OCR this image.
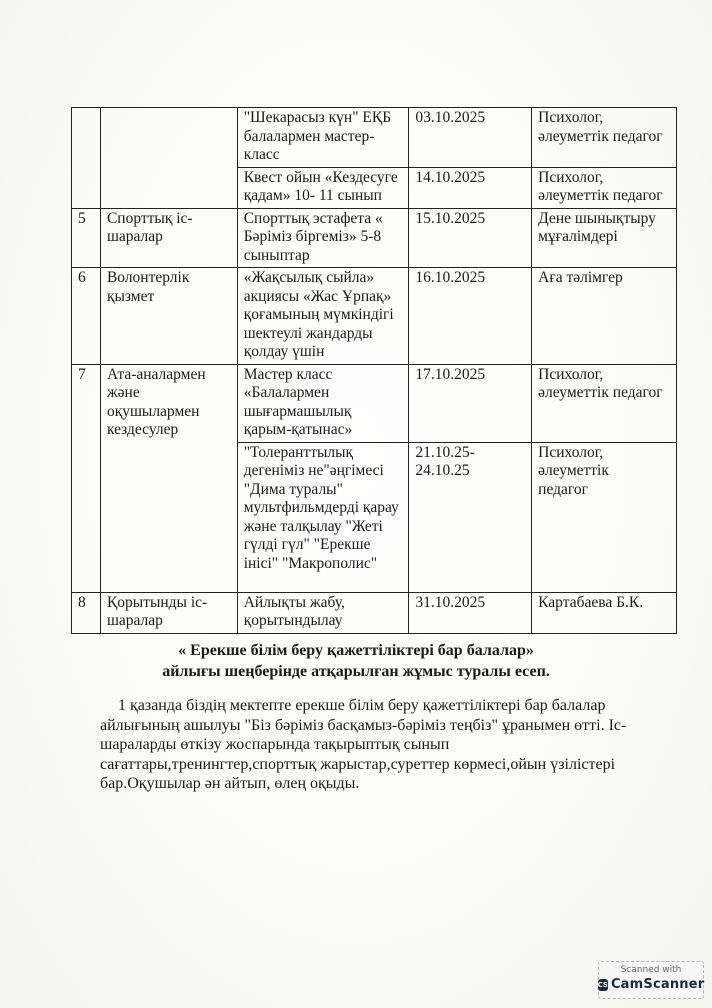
		"Шекарасыз күн" ЕҚБ балалармен мастер-класс	03.10.2025	Психолог, әлеуметтік педагог
		Квест ойын «Кездесуге қадам» 10- 11 сынып	14.10.2025	Психолог, әлеуметтік педагог
5	Спорттық іс-шаралар	Спорттық эстафета « Бәріміз біргеміз» 5-8 сыныптар	15.10.2025	Дене шынықтыру мұғалімдері
6	Волонтерлік қызмет	«Жақсылық сыйла» акциясы «Жас Ұрпақ» қоғамының мүмкіндігі шектеулі жандарды қолдау үшін	16.10.2025	Аға тәлімгер
7	Ата-аналармен және оқушылармен кездесулер	Мастер класс «Балалармен шығармашылық қарым-қатынас»	17.10.2025	Психолог, әлеуметтік педагог
		"Толеранттылық дегеніміз не"әңгімесі "Дима туралы" мультфильмдерді қарау және талқылау "Жеті гүлді гүл" "Ерекше інісі" "Макрополис"	21.10.25-24.10.25	Психолог, әлеуметтік педагог
8	Қорытынды іс-шаралар	Айлықты жабу, қорытындылау	31.10.2025	Картабаева Б.К.
« Ерекше білім беру қажеттіліктері бар балалар»
айлығы шеңберінде атқарылған жұмыс туралы есеп.
1 қазанда біздің мектепте ерекше білім беру қажеттіліктері бар балалар
айлығының ашылуы "Біз бәріміз басқамыз-бәріміз теңбіз" ұранымен өтті. Іс-
шараларды өткізу жоспарында тақырыптық сынып
сағаттары,тренингтер,спорттық жарыстар,суреттер көрмесі,ойын үзілістері
бар.Оқушылар ән айтып, өлең оқыды.
Scanned with
CS CamScanner
